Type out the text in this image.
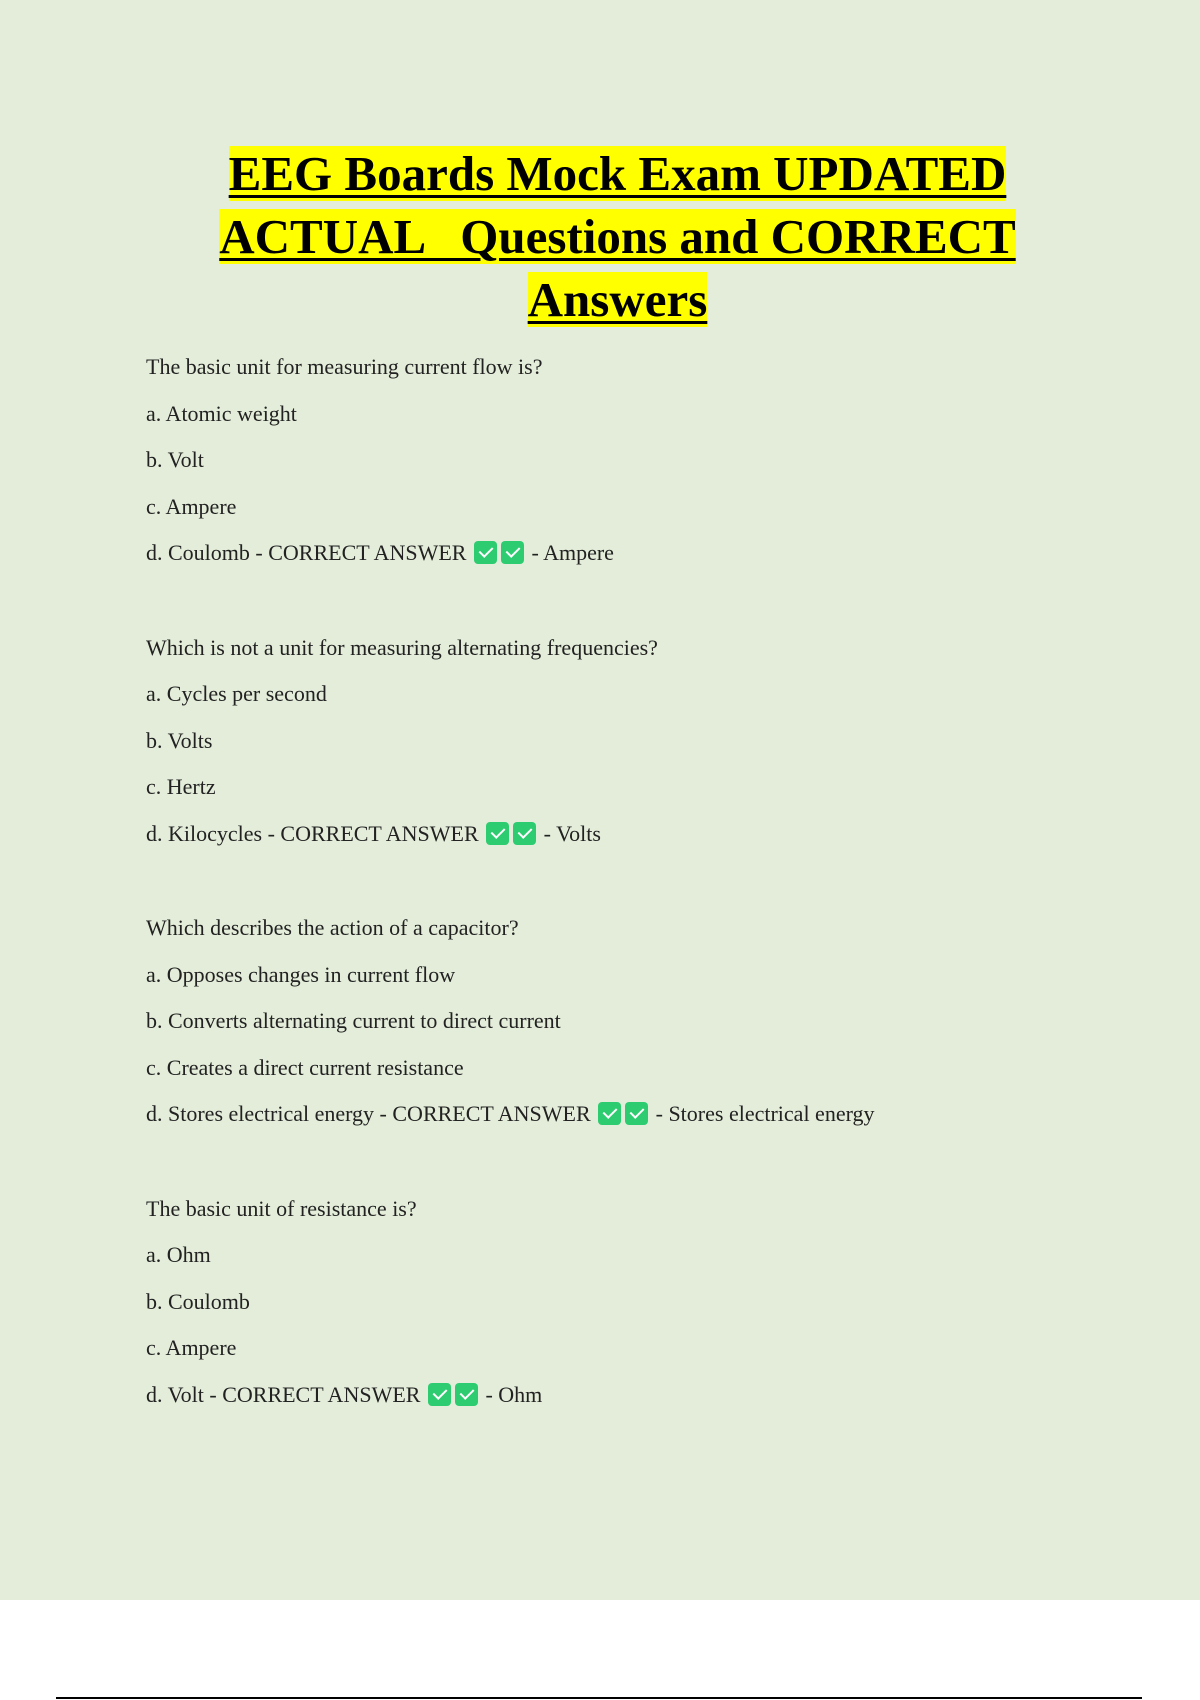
EEG Boards Mock Exam UPDATED
ACTUAL   Questions and CORRECT
Answers
The basic unit for measuring current flow is?
a. Atomic weight
b. Volt
c. Ampere
d. Coulomb - CORRECT ANSWER  - Ampere
Which is not a unit for measuring alternating frequencies?
a. Cycles per second
b. Volts
c. Hertz
d. Kilocycles - CORRECT ANSWER  - Volts
Which describes the action of a capacitor?
a. Opposes changes in current flow
b. Converts alternating current to direct current
c. Creates a direct current resistance
d. Stores electrical energy - CORRECT ANSWER  - Stores electrical energy
The basic unit of resistance is?
a. Ohm
b. Coulomb
c. Ampere
d. Volt - CORRECT ANSWER  - Ohm
